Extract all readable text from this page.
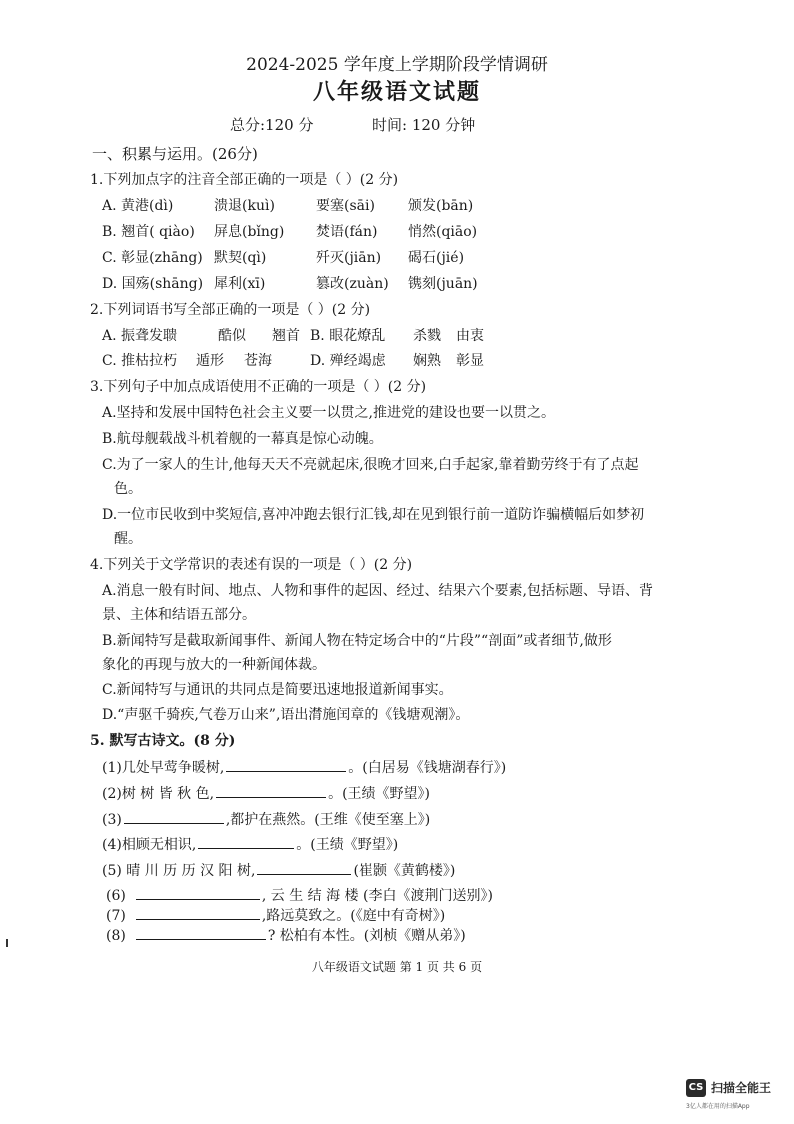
2024-2025 学年度上学期阶段学情调研
八年级语文试题
总分:120 分	时间: 120 分钟
一、积累与运用。(26分)
1.下列加点字的注音全部正确的一项是（ ）(2 分)
A. 黄港(dì)	溃退(kuì)	要塞(sāi) 颁发(bān)
B. 翘首( qiào) 屏息(bǐng) 焚语(fán) 悄然(qiāo)
C. 彰显(zhāng) 默契(qì)	歼灭(jiān) 碣石(jié)
D. 国殇(shāng) 犀利(xī)	篡改(zuàn) 镌刻(juān)
2.下列词语书写全部正确的一项是（ ）(2 分)
A. 振聋发聩	酷似 翘首 B. 眼花燎乱 杀戮 由衷
C. 推枯拉朽 遁形 苍海	D. 殚经竭虑 娴熟 彰显
3.下列句子中加点成语使用不正确的一项是（ ）(2 分)
A.坚持和发展中国特色社会主义要一以贯之,推进党的建设也要一以贯之。
B.航母舰载战斗机着舰的一幕真是惊心动魄。
C.为了一家人的生计,他每天天不亮就起床,很晚才回来,白手起家,靠着勤劳终于有了点起
色。
D.一位市民收到中奖短信,喜冲冲跑去银行汇钱,却在见到银行前一道防诈骗横幅后如梦初
醒。
4.下列关于文学常识的表述有误的一项是（ ）(2 分)
A.消息一般有时间、地点、人物和事件的起因、经过、结果六个要素,包括标题、导语、背
景、主体和结语五部分。
B.新闻特写是截取新闻事件、新闻人物在特定场合中的“片段”“剖面”或者细节,做形
象化的再现与放大的一种新闻体裁。
C.新闻特写与通讯的共同点是简要迅速地报道新闻事实。
D.“声驱千骑疾,气卷万山来”,语出潸施闰章的《钱塘观潮》。
5. 默写古诗文。(8 分)
(1)几处早莺争暖树,	。(白居易《钱塘湖春行》)
(2)树 树 皆 秋 色,	。(王绩《野望》)
(3)	,都护在燕然。(王维《使至塞上》)
(4)相顾无相识,	。(王绩《野望》)
(5) 晴 川 历 历 汉 阳 树,	(崔颢《黄鹤楼》)
(6)	, 云 生 结 海 楼 (李白《渡荆门送别》)
(7)	,路远莫致之。(《庭中有奇树》)
(8)	? 松柏有本性。(刘桢《赠从弟》)
八年级语文试题 第 1 页 共 6 页
CS 扫描全能王
3亿人都在用的扫描App
